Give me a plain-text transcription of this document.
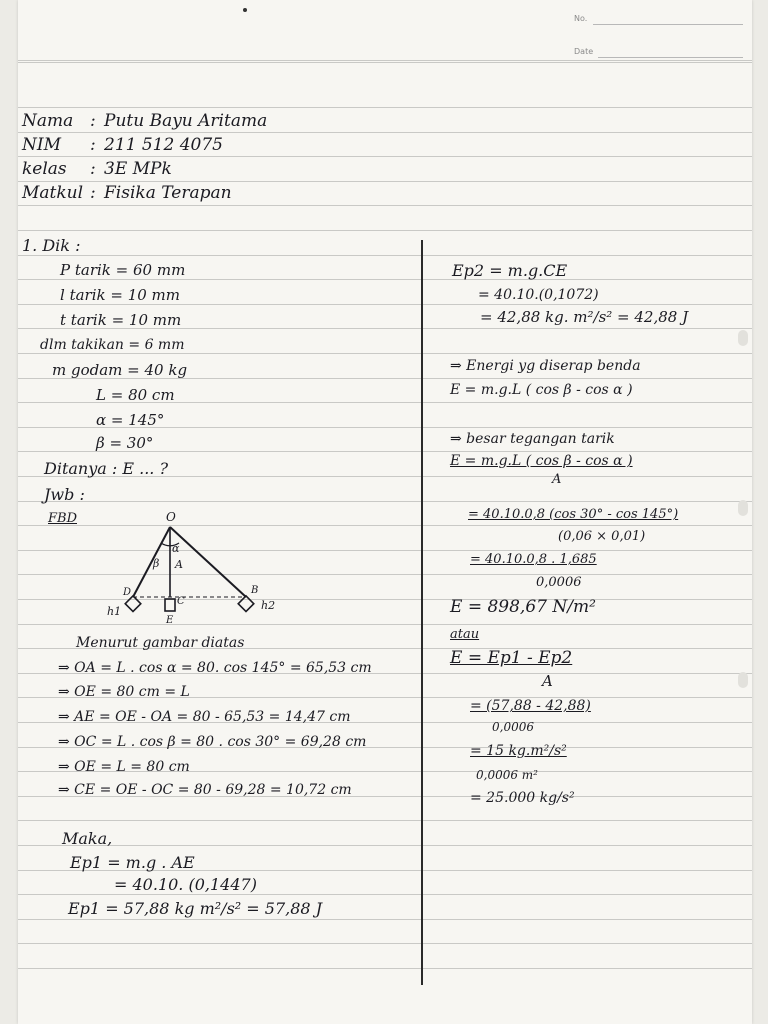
No.
Date
Nama : Putu Bayu Aritama
NIM : 211 512 4075
kelas : 3E MPk
Matkul : Fisika Terapan
1. Dik :
P tarik = 60 mm
l tarik = 10 mm
t tarik = 10 mm
dlm takikan = 6 mm
m godam = 40 kg
L = 80 cm
α = 145°
β = 30°
Ditanya : E ... ?
Jwb :
FBD	O
α
β A
D	B
C
E
h1	h2
Menurut gambar diatas
⇒ OA = L . cos α = 80. cos 145° = 65,53 cm
⇒ OE = 80 cm = L
⇒ AE = OE - OA = 80 - 65,53 = 14,47 cm
⇒ OC = L . cos β = 80 . cos 30° = 69,28 cm
⇒ OE = L = 80 cm
⇒ CE = OE - OC = 80 - 69,28 = 10,72 cm
Maka,
Ep1 = m.g . AE
= 40.10. (0,1447)
Ep1 = 57,88 kg m²/s² = 57,88 J
Ep2 = m.g.CE
= 40.10.(0,1072)
= 42,88 kg. m²/s² = 42,88 J
⇒ Energi yg diserap benda
E = m.g.L ( cos β - cos α )
⇒ besar tegangan tarik
E = m.g.L ( cos β - cos α )
A
= 40.10.0,8 (cos 30° - cos 145°)
(0,06 × 0,01)
= 40.10.0,8 . 1,685
0,0006
E = 898,67 N/m²
atau
E = Ep1 - Ep2
A
= (57,88 - 42,88)
0,0006
= 15 kg.m²/s²
0,0006 m²
= 25.000 kg/s²
